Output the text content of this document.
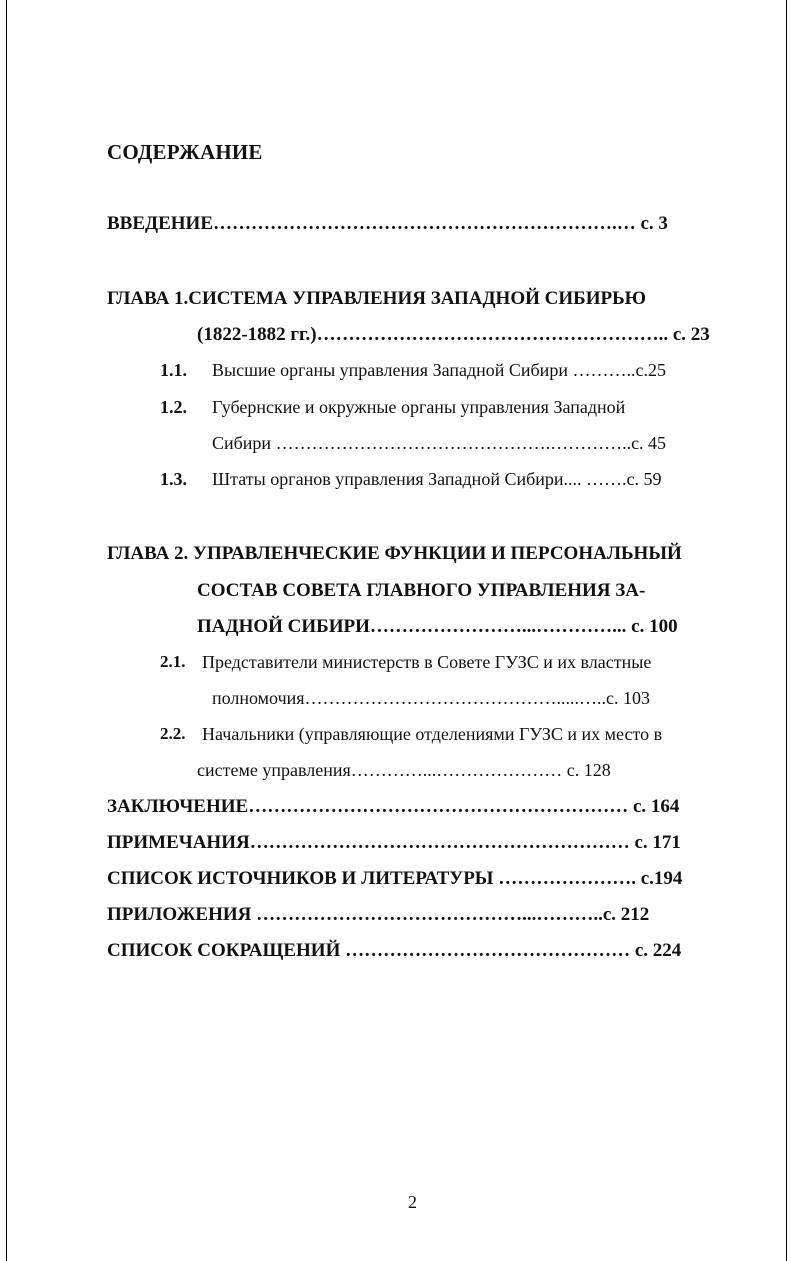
СОДЕРЖАНИЕ
ВВЕДЕНИЕ……………………………………………………….… с. 3
ГЛАВА 1.СИСТЕМА УПРАВЛЕНИЯ ЗАПАДНОЙ СИБИРЬЮ
(1822-1882 гг.)……………………………………………….. с. 23
1.1. Высшие органы управления Западной Сибири ………..с.25
1.2. Губернские и окружные органы управления Западной
Сибири ……………………………………….…………..с. 45
1.3. Штаты органов управления Западной Сибири.... …….с. 59
ГЛАВА 2. УПРАВЛЕНЧЕСКИЕ ФУНКЦИИ И ПЕРСОНАЛЬНЫЙ
СОСТАВ СОВЕТА ГЛАВНОГО УПРАВЛЕНИЯ ЗА-
ПАДНОЙ СИБИРИ……………………...…………... с. 100
2.1. Представители министерств в Совете ГУЗС и их властные
полномочия…………………………………….....…..с. 103
2.2. Начальники (управляющие отделениями ГУЗС и их место в
системе управления…………...………………… с. 128
ЗАКЛЮЧЕНИЕ…………………………………………………… с. 164
ПРИМЕЧАНИЯ…………………………………………………… с. 171
СПИСОК ИСТОЧНИКОВ И ЛИТЕРАТУРЫ …………………. с.194
ПРИЛОЖЕНИЯ ……………………………………...………..с. 212
СПИСОК СОКРАЩЕНИЙ ……………………………………… с. 224
2
